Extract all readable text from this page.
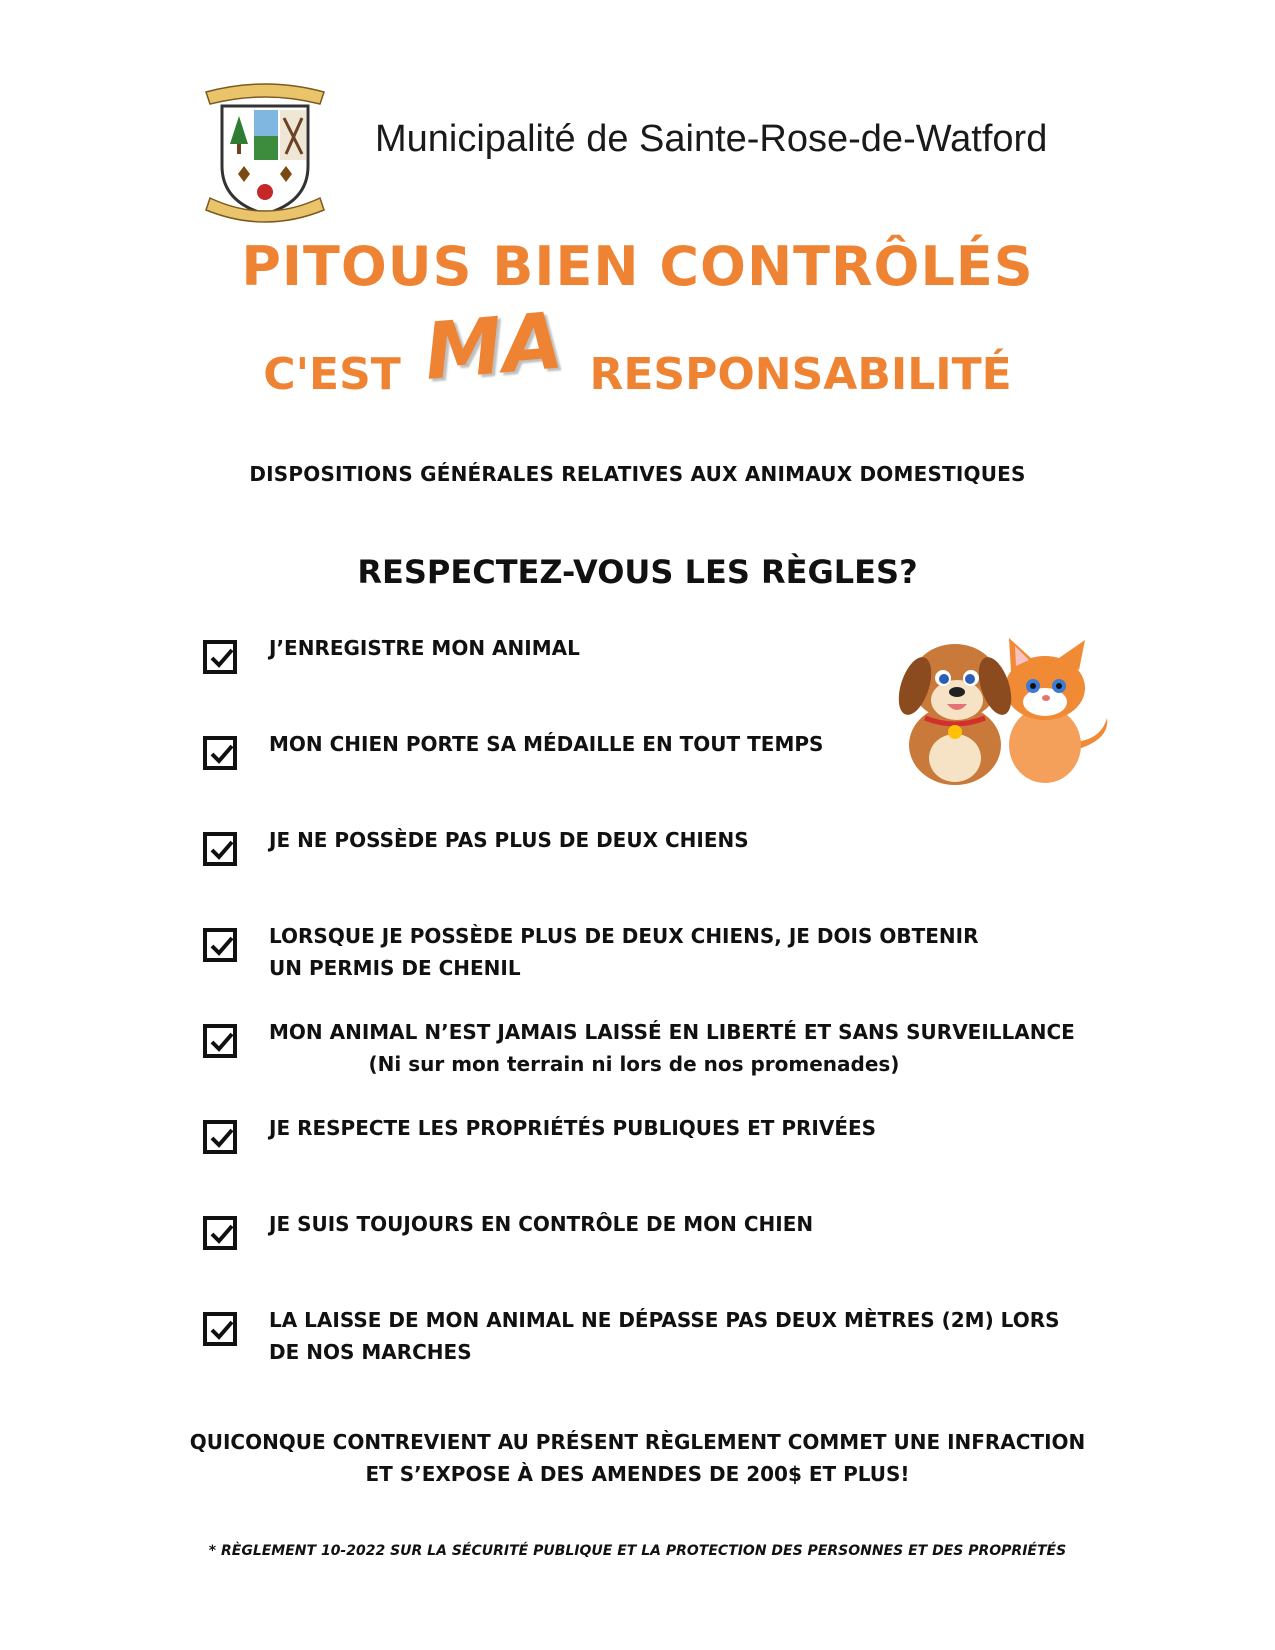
Municipalité de Sainte-Rose-de-Watford
PITOUS BIEN CONTRÔLÉS
C'EST MA RESPONSABILITÉ
DISPOSITIONS GÉNÉRALES RELATIVES AUX ANIMAUX DOMESTIQUES
RESPECTEZ-VOUS LES RÈGLES?
J’ENREGISTRE MON ANIMAL
MON CHIEN PORTE SA MÉDAILLE EN TOUT TEMPS
JE NE POSSÈDE PAS PLUS DE DEUX CHIENS
LORSQUE JE POSSÈDE PLUS DE DEUX CHIENS, JE DOIS OBTENIR UN PERMIS DE CHENIL
MON ANIMAL N’EST JAMAIS LAISSÉ EN LIBERTÉ ET SANS SURVEILLANCE
(Ni sur mon terrain ni lors de nos promenades)
JE RESPECTE LES PROPRIÉTÉS PUBLIQUES ET PRIVÉES
JE SUIS TOUJOURS EN CONTRÔLE DE MON CHIEN
LA LAISSE DE MON ANIMAL NE DÉPASSE PAS DEUX MÈTRES (2M) LORS DE NOS MARCHES
QUICONQUE CONTREVIENT AU PRÉSENT RÈGLEMENT COMMET UNE INFRACTION
ET S’EXPOSE À DES AMENDES DE 200$ ET PLUS!
* RÈGLEMENT 10-2022 SUR LA SÉCURITÉ PUBLIQUE ET LA PROTECTION DES PERSONNES ET DES PROPRIÉTÉS
